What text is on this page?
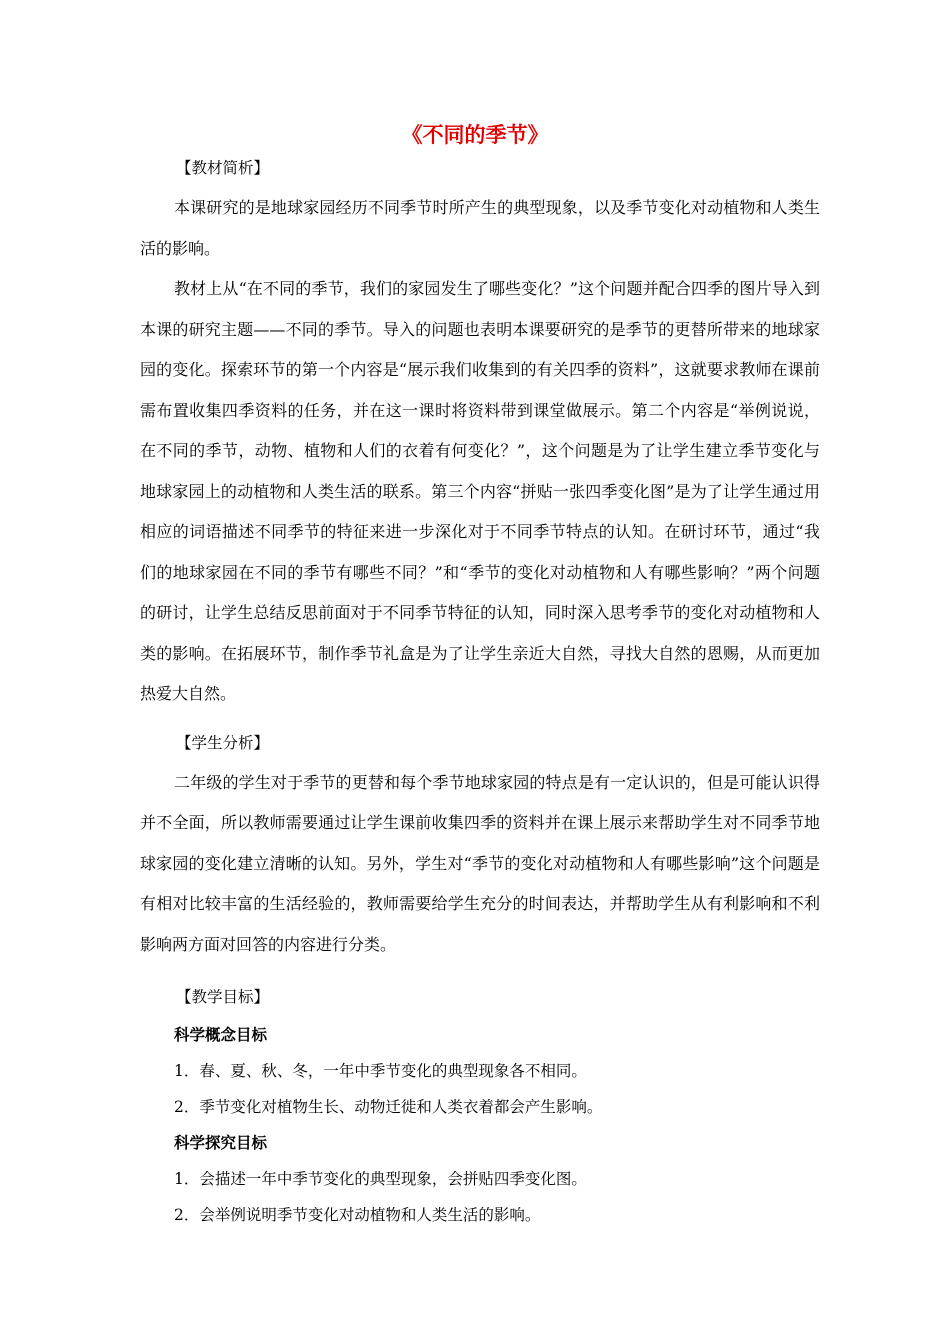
《不同的季节》
【教材简析】

本课研究的是地球家园经历不同季节时所产生的典型现象，以及季节变化对动植物和人类生活的影响。

教材上从“在不同的季节，我们的家园发生了哪些变化？”这个问题并配合四季的图片导入到本课的研究主题——不同的季节。导入的问题也表明本课要研究的是季节的更替所带来的地球家园的变化。探索环节的第一个内容是“展示我们收集到的有关四季的资料”，这就要求教师在课前需布置收集四季资料的任务，并在这一课时将资料带到课堂做展示。第二个内容是“举例说说，在不同的季节，动物、植物和人们的衣着有何变化？”，这个问题是为了让学生建立季节变化与地球家园上的动植物和人类生活的联系。第三个内容“拼贴一张四季变化图”是为了让学生通过用相应的词语描述不同季节的特征来进一步深化对于不同季节特点的认知。在研讨环节，通过“我们的地球家园在不同的季节有哪些不同？”和“季节的变化对动植物和人有哪些影响？”两个问题的研讨，让学生总结反思前面对于不同季节特征的认知，同时深入思考季节的变化对动植物和人类的影响。在拓展环节，制作季节礼盒是为了让学生亲近大自然，寻找大自然的恩赐，从而更加热爱大自然。

【学生分析】

二年级的学生对于季节的更替和每个季节地球家园的特点是有一定认识的，但是可能认识得并不全面，所以教师需要通过让学生课前收集四季的资料并在课上展示来帮助学生对不同季节地球家园的变化建立清晰的认知。另外，学生对“季节的变化对动植物和人有哪些影响”这个问题是有相对比较丰富的生活经验的，教师需要给学生充分的时间表达，并帮助学生从有利影响和不利影响两方面对回答的内容进行分类。

【教学目标】
科学概念目标
1．春、夏、秋、冬，一年中季节变化的典型现象各不相同。
2．季节变化对植物生长、动物迁徙和人类衣着都会产生影响。
科学探究目标
1．会描述一年中季节变化的典型现象，会拼贴四季变化图。
2．会举例说明季节变化对动植物和人类生活的影响。
